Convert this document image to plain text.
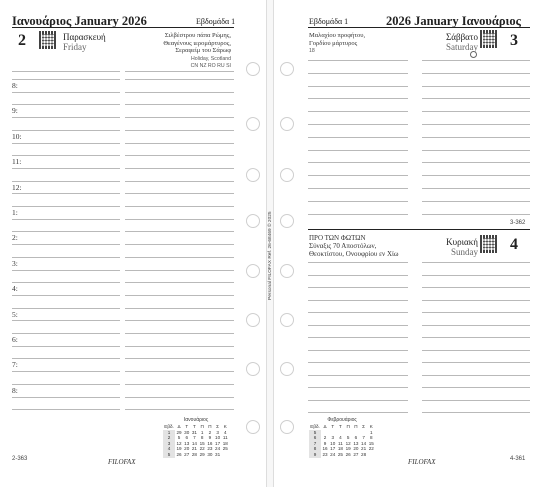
Ιανουάριος January 2026	Εβδομάδα 1
2	Παρασκευή
Friday
Σιλβέστρου πάπα Ρώμης,
Θεαγένους ιερομάρτυρος,
Σεραφείμ του Σάρωφ
Holiday, Scotland
CN NZ RO RU SI
8:
9:
10:
11:
12:
1:
2:
3:
4:
5:
6:
7:
8:
Ιανουάριος
Εβδ.	Δ	Τ	Τ	Π	Π	Σ	Κ
1	29	30	31	1	2	3	4
2	5	6	7	8	9	10	11
3	12	13	14	15	16	17	18
4	19	20	21	22	23	24	25
5	26	27	28	29	30	31	
2-363	FILOFAX
Personal FILOFAX Ref. 26-68469 © 2025
Εβδομάδα 1	2026 January Ιανουάριος
Μαλαχίου προφήτου,
Γορδίου μάρτυρος
18
Σάββατο
Saturday 3
3-362
ΠΡΟ ΤΩΝ ΦΩΤΩΝ
Σύναξις 70 Αποστόλων,
Θεοκτίστου, Ονουφρίου εν Χίω
Κυριακή
Sunday 4
Φεβρουάριος
Εβδ.	Δ	Τ	Τ	Π	Π	Σ	Κ
5							1
6	2	3	4	5	6	7	8
7	9	10	11	12	13	14	15
8	16	17	18	19	20	21	22
9	23	24	25	26	27	28	
FILOFAX	4-361
